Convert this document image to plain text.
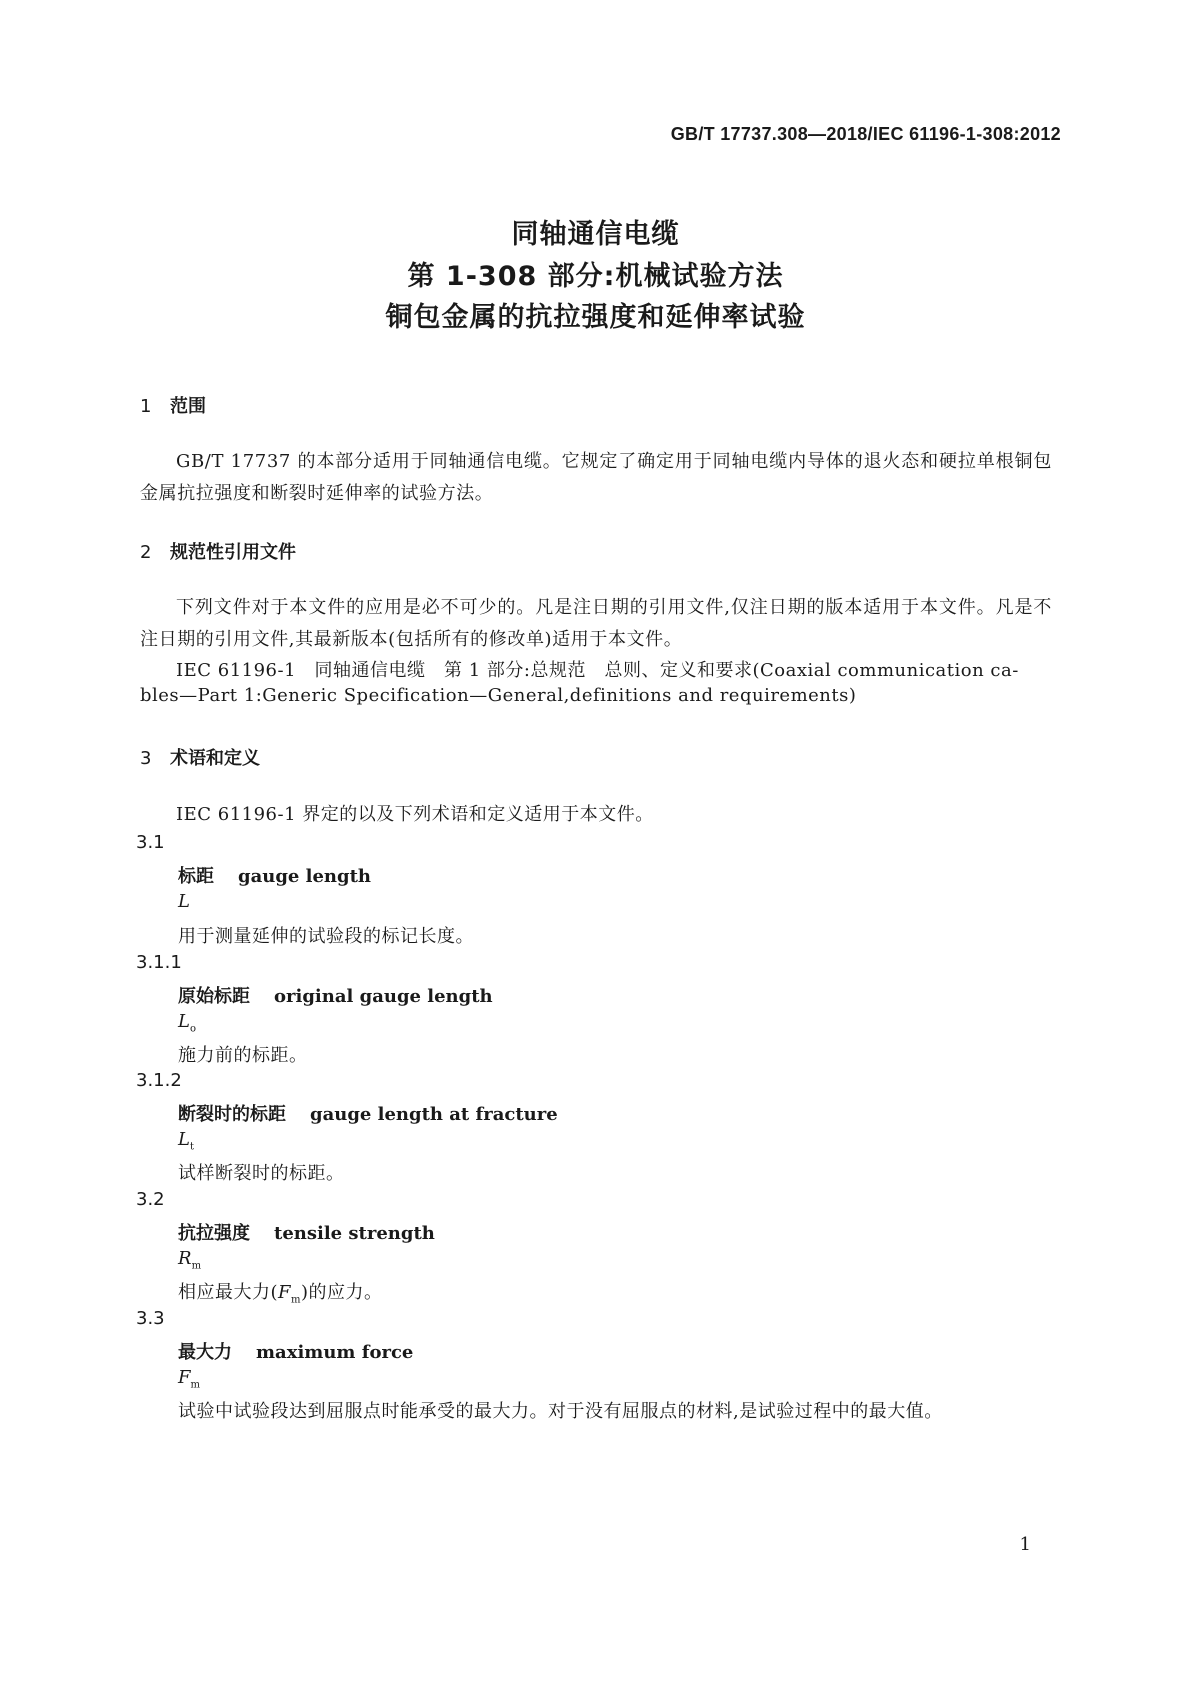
GB/T 17737.308—2018/IEC 61196-1-308:2012
同轴通信电缆
第 1-308 部分:机械试验方法
铜包金属的抗拉强度和延伸率试验
1 范围
GB/T 17737 的本部分适用于同轴通信电缆。它规定了确定用于同轴电缆内导体的退火态和硬拉单根铜包金属抗拉强度和断裂时延伸率的试验方法。
2 规范性引用文件
下列文件对于本文件的应用是必不可少的。凡是注日期的引用文件,仅注日期的版本适用于本文件。凡是不注日期的引用文件,其最新版本(包括所有的修改单)适用于本文件。
IEC 61196-1　同轴通信电缆　第 1 部分:总规范　总则、定义和要求(Coaxial communication ca-
bles—Part 1:Generic Specification—General,definitions and requirements)
3 术语和定义
IEC 61196-1 界定的以及下列术语和定义适用于本文件。
3.1
标距 gauge length
L
用于测量延伸的试验段的标记长度。
3.1.1
原始标距 original gauge length
$L_o$
施力前的标距。
3.1.2
断裂时的标距 gauge length at fracture
$L_t$
试样断裂时的标距。
3.2
抗拉强度 tensile strength
$R_m$
相应最大力$(F_m)$的应力。
3.3
最大力 maximum force
$F_m$
试验中试验段达到屈服点时能承受的最大力。对于没有屈服点的材料,是试验过程中的最大值。
1
